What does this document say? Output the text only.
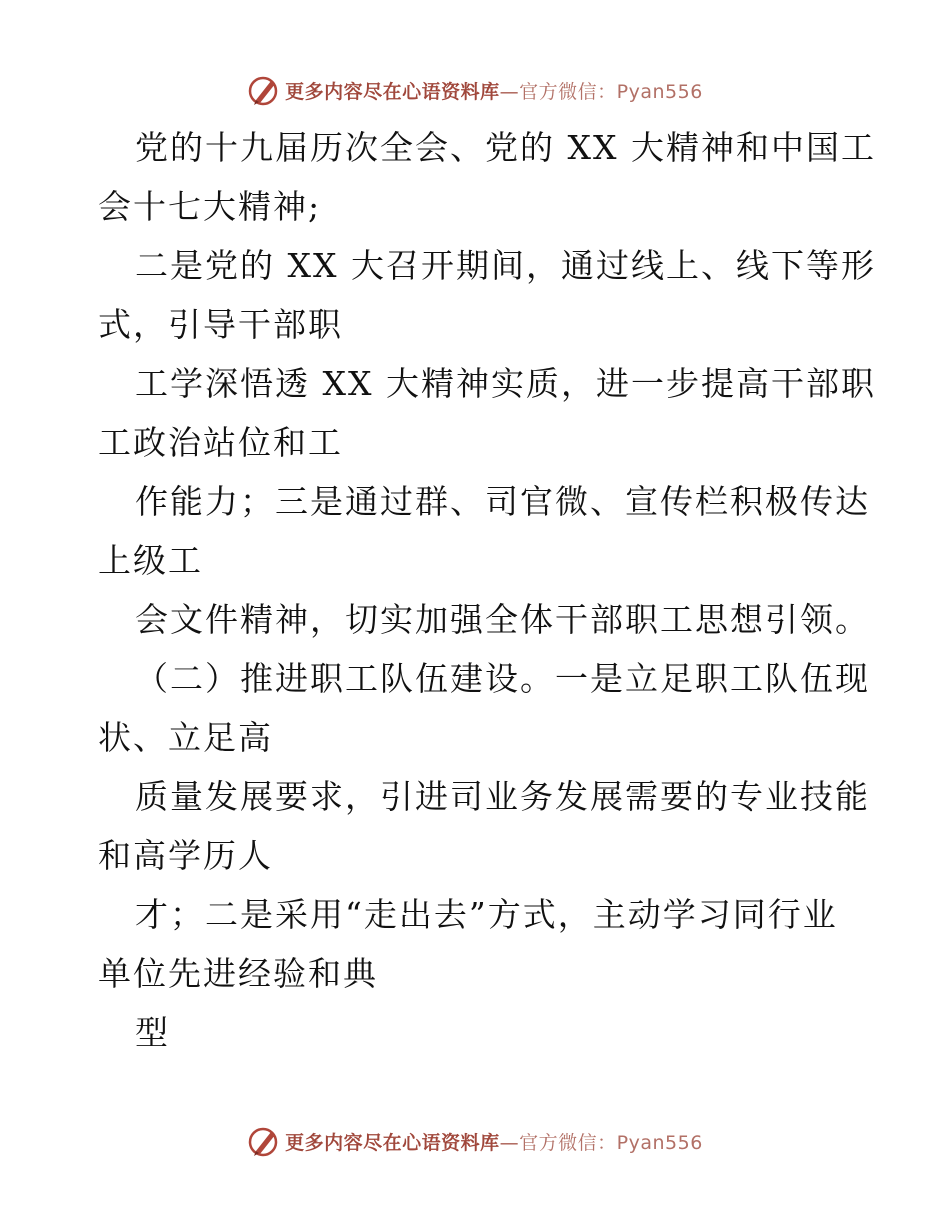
更多内容尽在心语资料库—官方微信：Pyan556
党的十九届历次全会、党的 XX 大精神和中国工
会十七大精神;
二是党的 XX 大召开期间，通过线上、线下等形
式，引导干部职
工学深悟透 XX 大精神实质，进一步提高干部职
工政治站位和工
作能力；三是通过群、司官微、宣传栏积极传达
上级工
会文件精神，切实加强全体干部职工思想引领。
（二）推进职工队伍建设。一是立足职工队伍现
状、立足高
质量发展要求，引进司业务发展需要的专业技能
和高学历人
才；二是采用“走出去”方式，主动学习同行业
单位先进经验和典
型
更多内容尽在心语资料库—官方微信：Pyan556
